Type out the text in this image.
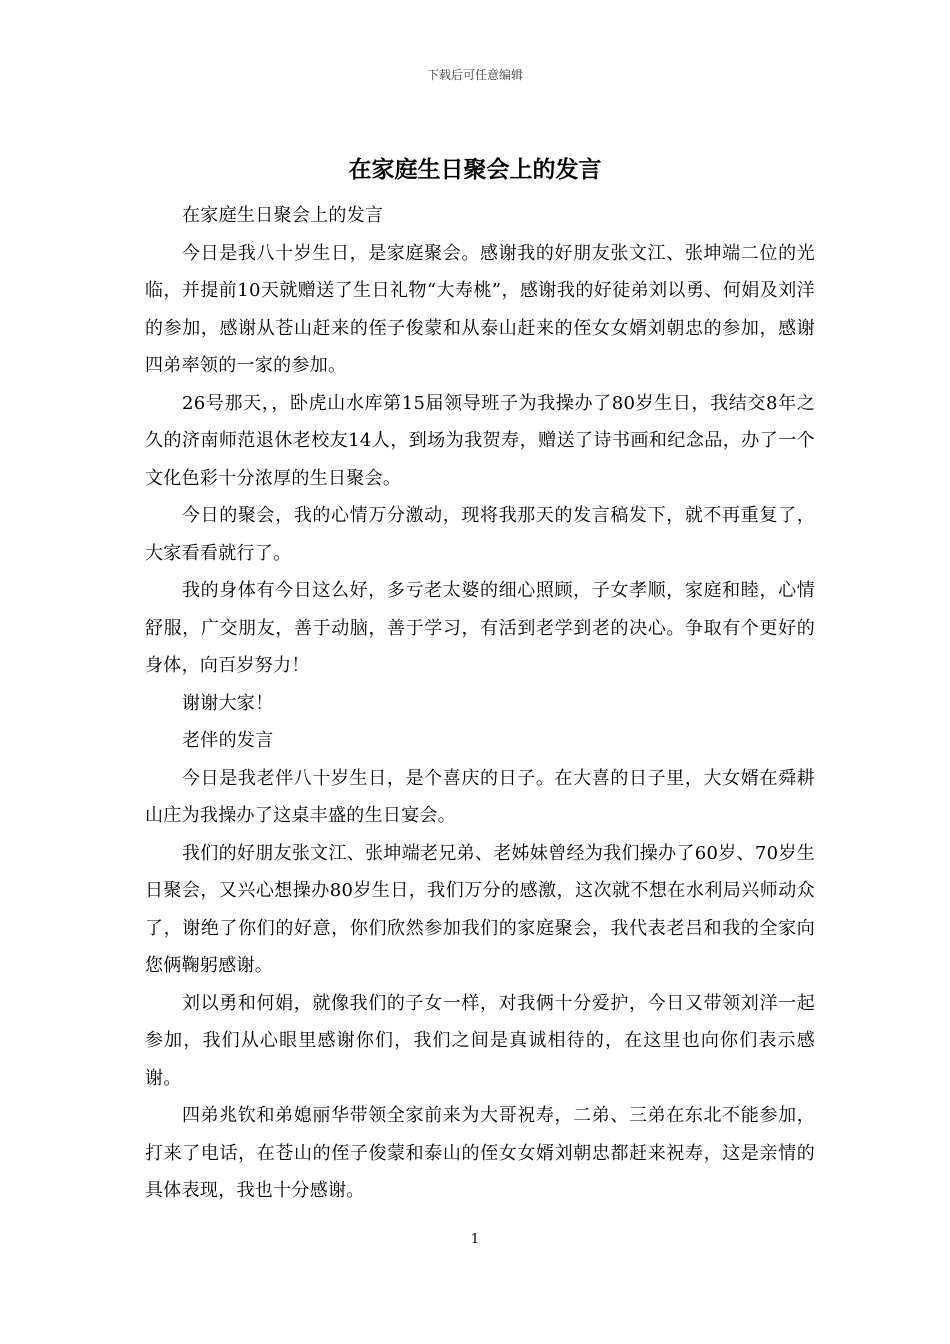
下载后可任意编辑
在家庭生日聚会上的发言

在家庭生日聚会上的发言

今日是我八十岁生日，是家庭聚会。感谢我的好朋友张文江、张坤端二位的光临，并提前10天就赠送了生日礼物“大寿桃”，感谢我的好徒弟刘以勇、何娟及刘洋的参加，感谢从苍山赶来的侄子俊蒙和从泰山赶来的侄女女婿刘朝忠的参加，感谢四弟率领的一家的参加。

26号那天，，卧虎山水库第15届领导班子为我操办了80岁生日，我结交8年之久的济南师范退休老校友14人，到场为我贺寿，赠送了诗书画和纪念品，办了一个文化色彩十分浓厚的生日聚会。

今日的聚会，我的心情万分激动，现将我那天的发言稿发下，就不再重复了，大家看看就行了。

我的身体有今日这么好，多亏老太婆的细心照顾，子女孝顺，家庭和睦，心情舒服，广交朋友，善于动脑，善于学习，有活到老学到老的决心。争取有个更好的身体，向百岁努力！

谢谢大家！

老伴的发言

今日是我老伴八十岁生日，是个喜庆的日子。在大喜的日子里，大女婿在舜耕山庄为我操办了这桌丰盛的生日宴会。

我们的好朋友张文江、张坤端老兄弟、老姊妹曾经为我们操办了60岁、70岁生日聚会，又兴心想操办80岁生日，我们万分的感激，这次就不想在水利局兴师动众了，谢绝了你们的好意，你们欣然参加我们的家庭聚会，我代表老吕和我的全家向您俩鞠躬感谢。

刘以勇和何娟，就像我们的子女一样，对我俩十分爱护，今日又带领刘洋一起参加，我们从心眼里感谢你们，我们之间是真诚相待的，在这里也向你们表示感谢。

四弟兆钦和弟媳丽华带领全家前来为大哥祝寿，二弟、三弟在东北不能参加，打来了电话，在苍山的侄子俊蒙和泰山的侄女女婿刘朝忠都赶来祝寿，这是亲情的具体表现，我也十分感谢。

1
